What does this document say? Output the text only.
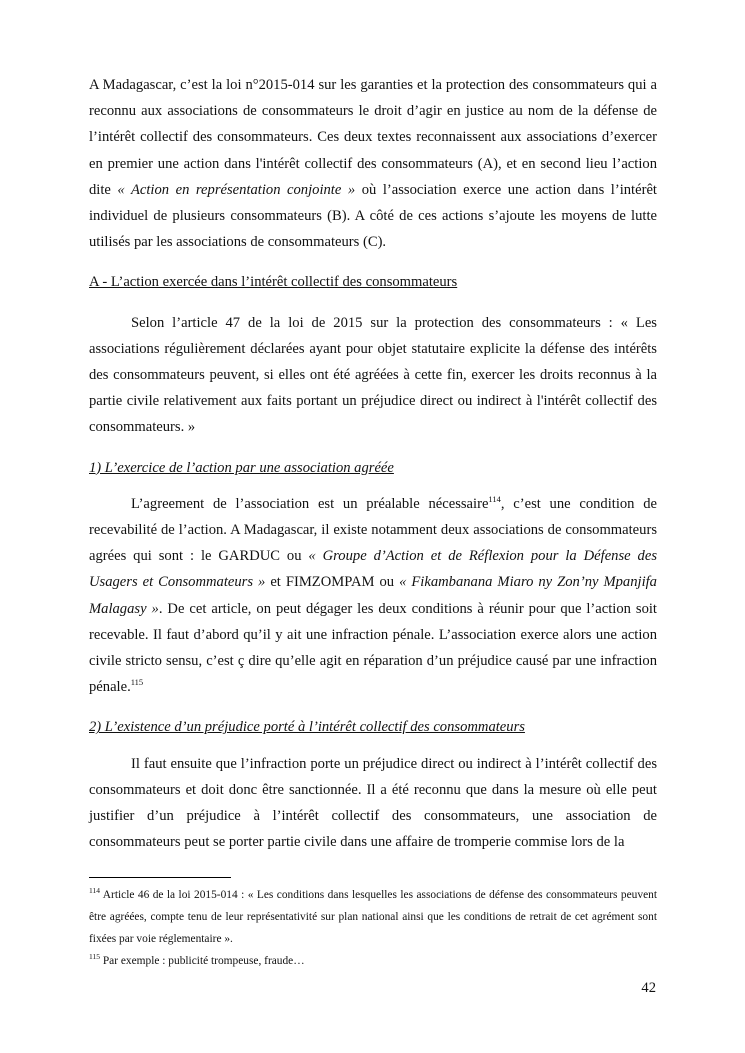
A Madagascar, c’est la loi n°2015-014 sur les garanties et la protection des consommateurs qui a reconnu aux associations de consommateurs le droit d’agir en justice au nom de la défense de l’intérêt collectif des consommateurs. Ces deux textes reconnaissent aux associations d’exercer en premier une action dans l'intérêt collectif des consommateurs (A), et en second lieu l’action dite « Action en représentation conjointe » où l’association exerce une action dans l’intérêt individuel de plusieurs consommateurs (B). A côté de ces actions s’ajoute les moyens de lutte utilisés par les associations de consommateurs (C).

A - L’action exercée dans l’intérêt collectif des consommateurs

Selon l’article 47 de la loi de 2015 sur la protection des consommateurs : « Les associations régulièrement déclarées ayant pour objet statutaire explicite la défense des intérêts des consommateurs peuvent, si elles ont été agréées à cette fin, exercer les droits reconnus à la partie civile relativement aux faits portant un préjudice direct ou indirect à l'intérêt collectif des consommateurs. »

1) L’exercice de l’action par une association agréée

L’agreement de l’association est un préalable nécessaire$^{114}$, c’est une condition de recevabilité de l’action. A Madagascar, il existe notamment deux associations de consommateurs agrées qui sont : le GARDUC ou « Groupe d’Action et de Réflexion pour la Défense des Usagers et Consommateurs » et FIMZOMPAM ou « Fikambanana Miaro ny Zon’ny Mpanjifa Malagasy ». De cet article, on peut dégager les deux conditions à réunir pour que l’action soit recevable. Il faut d’abord qu’il y ait une infraction pénale. L’association exerce alors une action civile stricto sensu, c’est ç dire qu’elle agit en réparation d’un préjudice causé par une infraction pénale.$^{115}$

2) L’existence d’un préjudice porté à l’intérêt collectif des consommateurs

Il faut ensuite que l’infraction porte un préjudice direct ou indirect à l’intérêt collectif des consommateurs et doit donc être sanctionnée. Il a été reconnu que dans la mesure où elle peut justifier d’un préjudice à l’intérêt collectif des consommateurs, une association de consommateurs peut se porter partie civile dans une affaire de tromperie commise lors de la

$^{114}$ Article 46 de la loi 2015-014 : « Les conditions dans lesquelles les associations de défense des consommateurs peuvent être agréées, compte tenu de leur représentativité sur plan national ainsi que les conditions de retrait de cet agrément sont fixées par voie réglementaire ».

$^{115}$ Par exemple : publicité trompeuse, fraude…

42
